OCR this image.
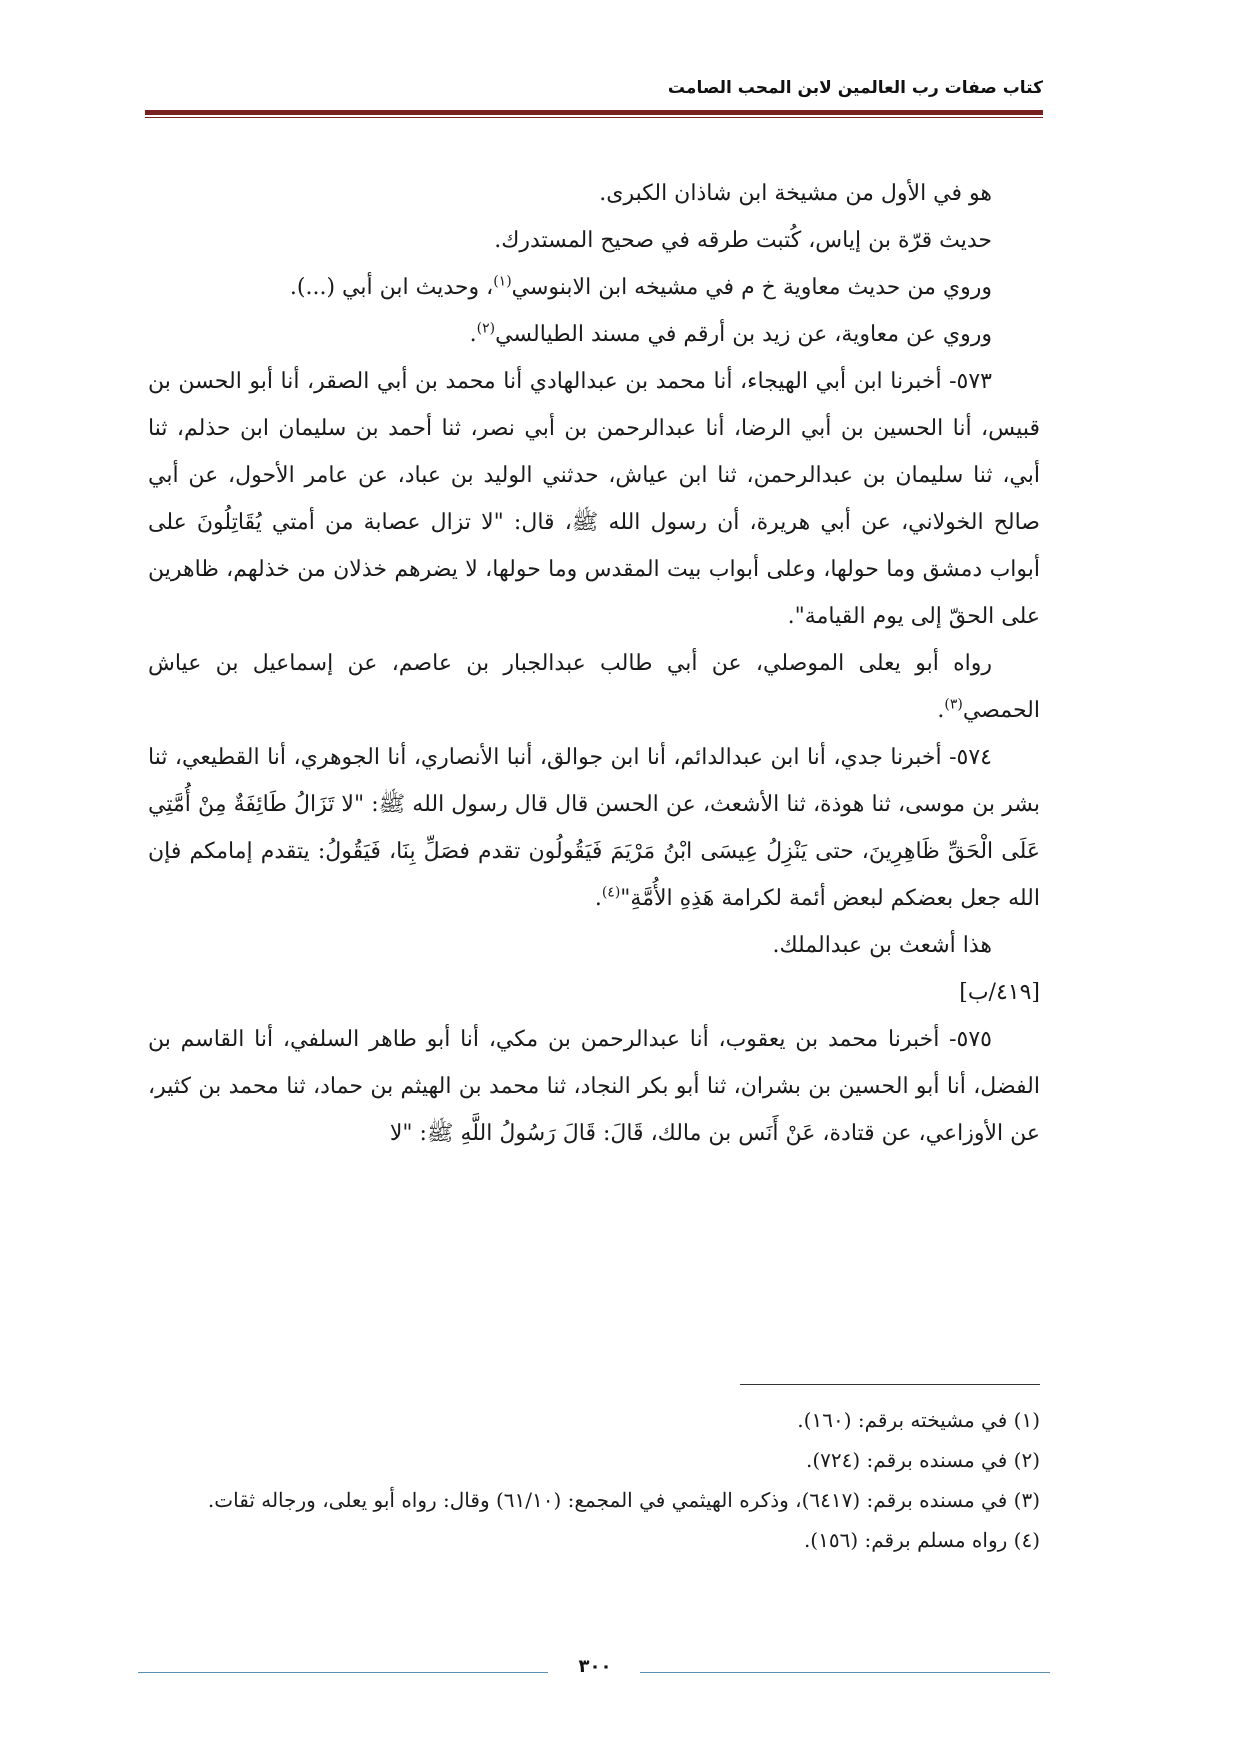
كتاب صفات رب العالمين لابن المحب الصامت

هو في الأول من مشيخة ابن شاذان الكبرى.

حديث قرّة بن إياس، كُتبت طرقه في صحيح المستدرك.

وروي من حديث معاوية خ م في مشيخه ابن الابنوسي$^{(١)}$، وحديث ابن أبي (...).

وروي عن معاوية، عن زيد بن أرقم في مسند الطيالسي$^{(٢)}$.

٥٧٣- أخبرنا ابن أبي الهيجاء، أنا محمد بن عبدالهادي أنا محمد بن أبي الصقر، أنا أبو الحسن بن قبيس، أنا الحسين بن أبي الرضا، أنا عبدالرحمن بن أبي نصر، ثنا أحمد بن سليمان ابن حذلم، ثنا أبي، ثنا سليمان بن عبدالرحمن، ثنا ابن عياش، حدثني الوليد بن عباد، عن عامر الأحول، عن أبي صالح الخولاني، عن أبي هريرة، أن رسول الله ﷺ، قال: "لا تزال عصابة من أمتي يُقَاتِلُونَ على أبواب دمشق وما حولها، وعلى أبواب بيت المقدس وما حولها، لا يضرهم خذلان من خذلهم، ظاهرين على الحقّ إلى يوم القيامة".

رواه أبو يعلى الموصلي، عن أبي طالب عبدالجبار بن عاصم، عن إسماعيل بن عياش الحمصي$^{(٣)}$.

٥٧٤- أخبرنا جدي، أنا ابن عبدالدائم، أنا ابن جوالق، أنبا الأنصاري، أنا الجوهري، أنا القطيعي، ثنا بشر بن موسى، ثنا هوذة، ثنا الأشعث، عن الحسن قال قال رسول الله ﷺ: "لا تَزَالُ طَائِفَةٌ مِنْ أُمَّتِي عَلَى الْحَقِّ ظَاهِرِينَ، حتى يَنْزِلُ عِيسَى ابْنُ مَرْيَمَ فَيَقُولُون تقدم فصَلِّ بِنَا، فَيَقُولُ: يتقدم إمامكم فإن الله جعل بعضكم لبعض أئمة لكرامة هَذِهِ الأُمَّةِ"$^{(٤)}$.

هذا أشعث بن عبدالملك.

[٤١٩/ب]

٥٧٥- أخبرنا محمد بن يعقوب، أنا عبدالرحمن بن مكي، أنا أبو طاهر السلفي، أنا القاسم بن الفضل، أنا أبو الحسين بن بشران، ثنا أبو بكر النجاد، ثنا محمد بن الهيثم بن حماد، ثنا محمد بن كثير، عن الأوزاعي، عن قتادة، عَنْ أَنَس بن مالك، قَالَ: قَالَ رَسُولُ اللَّهِ ﷺ: "لا

(١) في مشيخته برقم: (١٦٠).

(٢) في مسنده برقم: (٧٢٤).

(٣) في مسنده برقم: (٦٤١٧)، وذكره الهيثمي في المجمع: (٦١/١٠) وقال: رواه أبو يعلى، ورجاله ثقات.

(٤) رواه مسلم برقم: (١٥٦).

٣٠٠
